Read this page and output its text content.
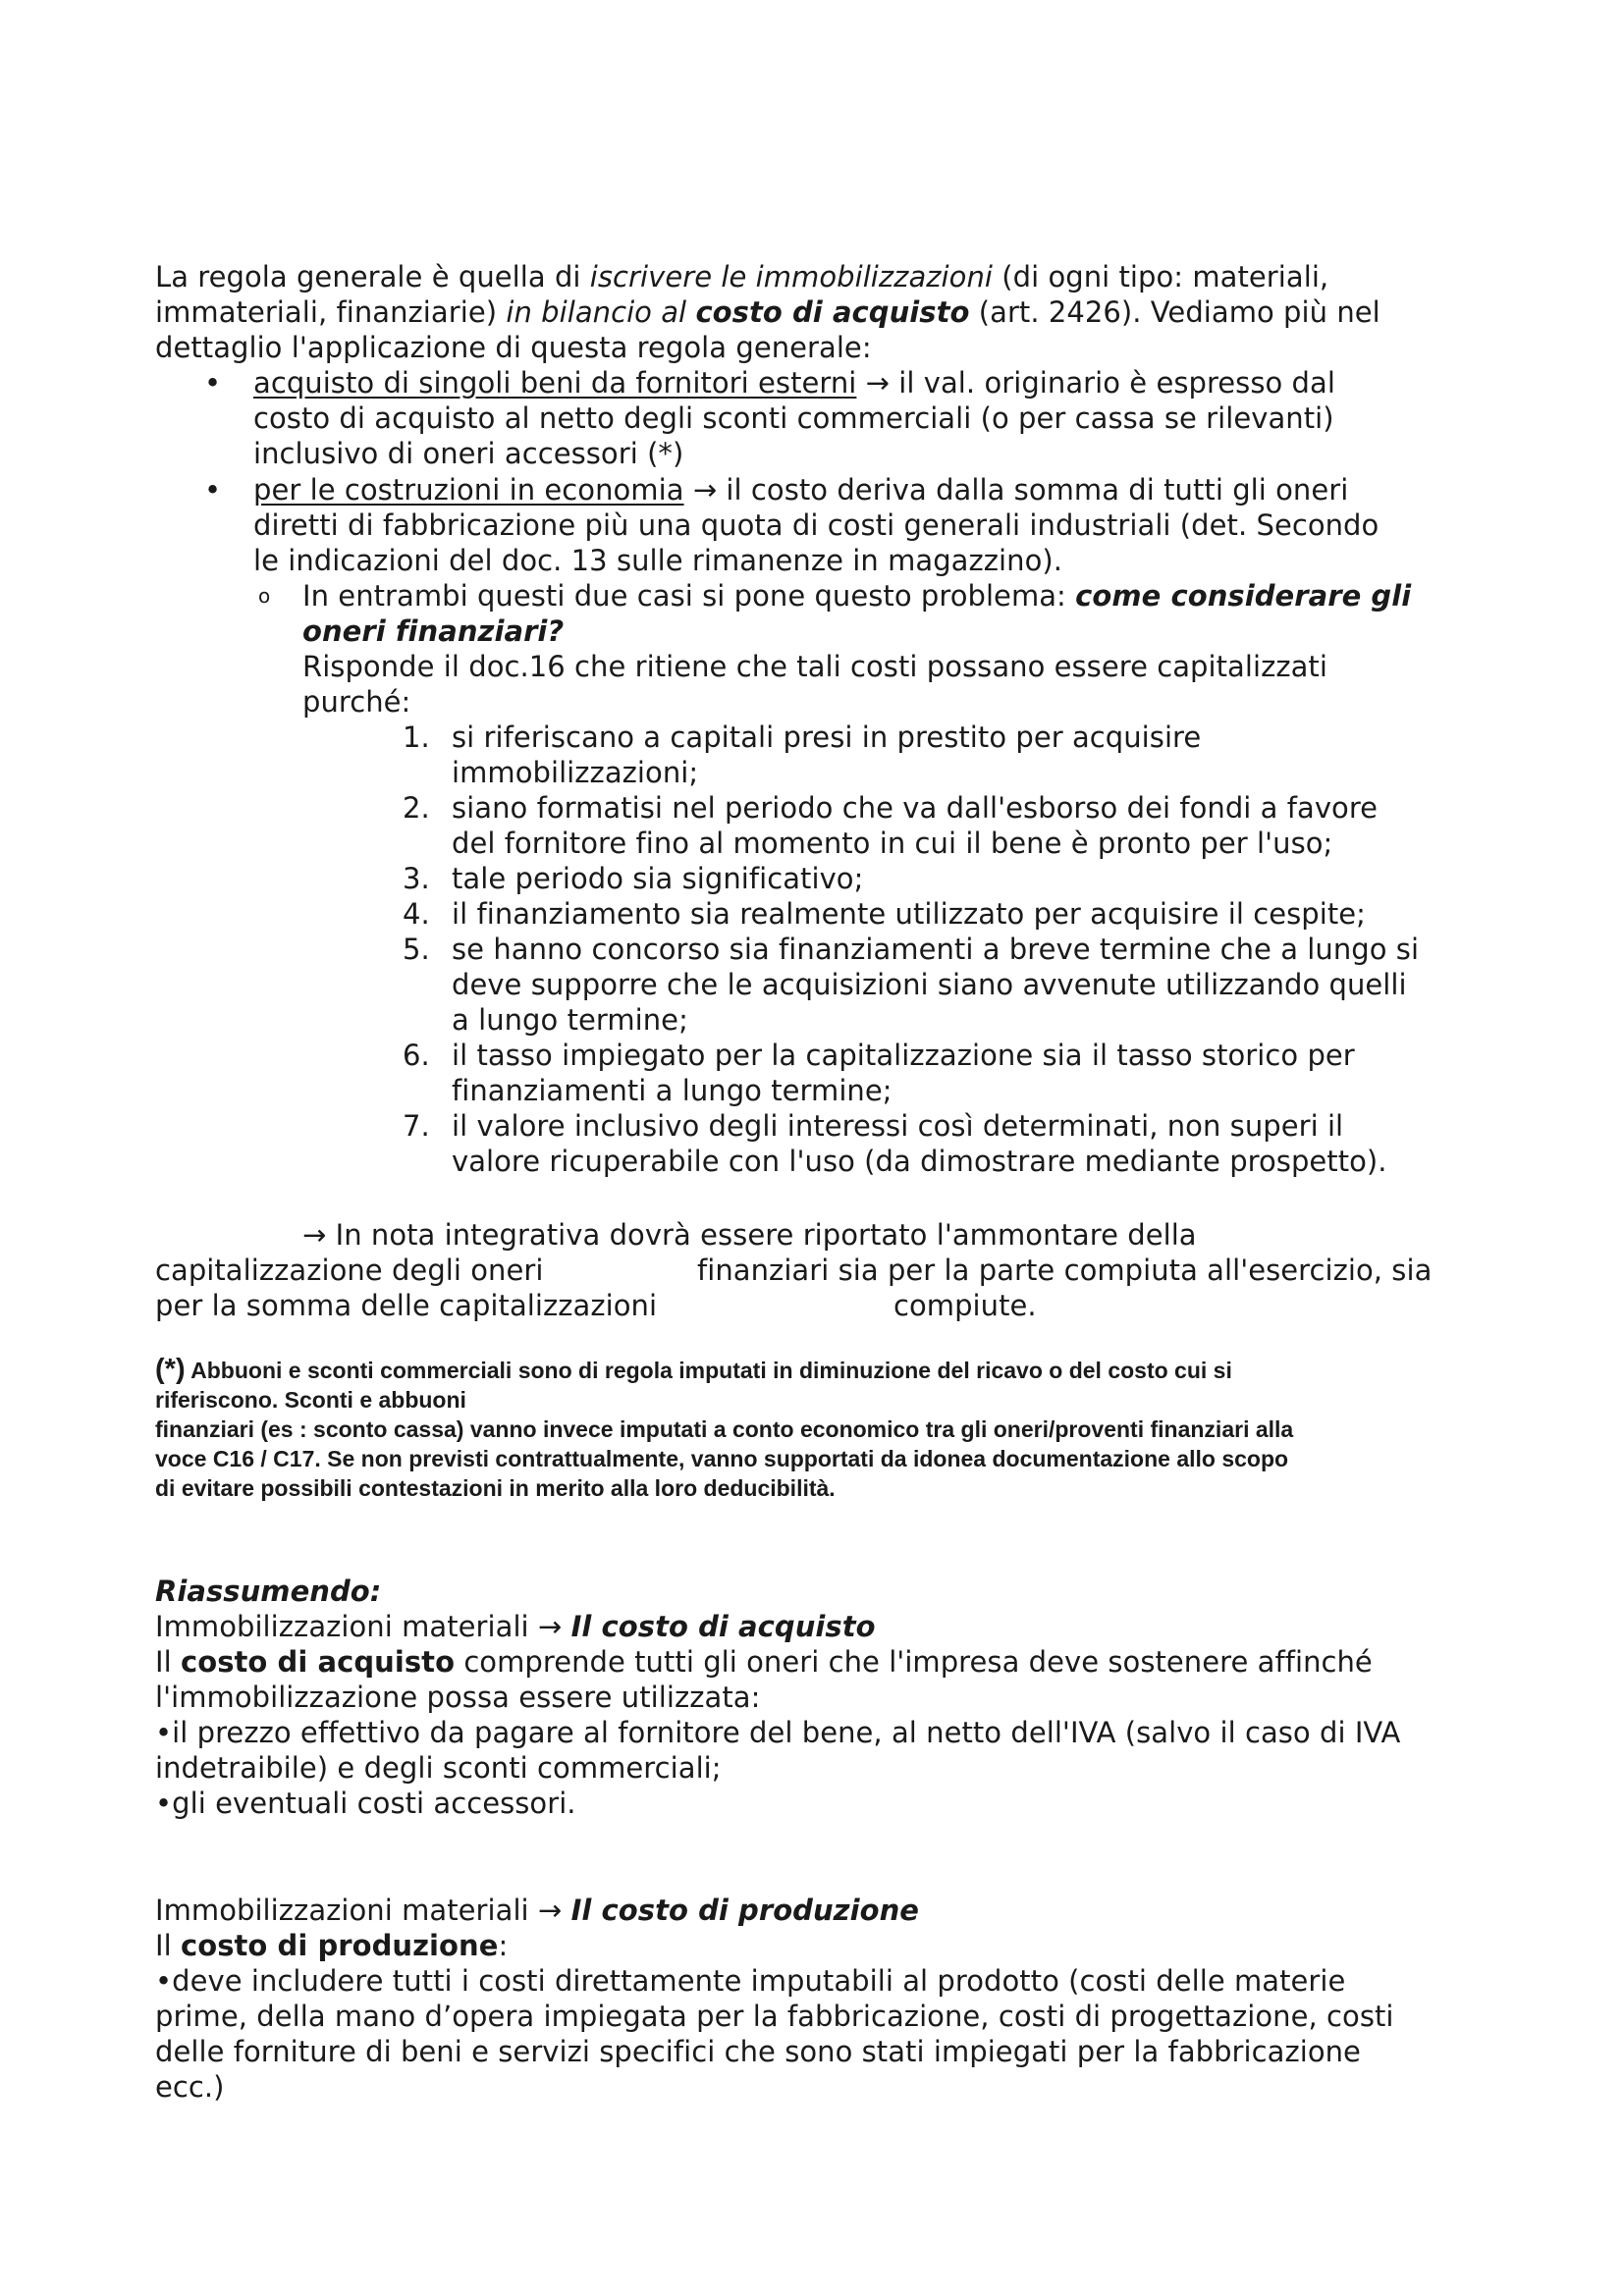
La regola generale è quella di iscrivere le immobilizzazioni (di ogni tipo: materiali,
immateriali, finanziarie) in bilancio al costo di acquisto (art. 2426). Vediamo più nel
dettaglio l'applicazione di questa regola generale:
• acquisto di singoli beni da fornitori esterni → il val. originario è espresso dal
costo di acquisto al netto degli sconti commerciali (o per cassa se rilevanti)
inclusivo di oneri accessori (*)
• per le costruzioni in economia → il costo deriva dalla somma di tutti gli oneri
diretti di fabbricazione più una quota di costi generali industriali (det. Secondo
le indicazioni del doc. 13 sulle rimanenze in magazzino).
o In entrambi questi due casi si pone questo problema: come considerare gli
oneri finanziari?
Risponde il doc.16 che ritiene che tali costi possano essere capitalizzati
purché:
1. si riferiscano a capitali presi in prestito per acquisire
immobilizzazioni;
2. siano formatisi nel periodo che va dall'esborso dei fondi a favore
del fornitore fino al momento in cui il bene è pronto per l'uso;
3. tale periodo sia significativo;
4. il finanziamento sia realmente utilizzato per acquisire il cespite;
5. se hanno concorso sia finanziamenti a breve termine che a lungo si
deve supporre che le acquisizioni siano avvenute utilizzando quelli
a lungo termine;
6. il tasso impiegato per la capitalizzazione sia il tasso storico per
finanziamenti a lungo termine;
7. il valore inclusivo degli interessi così determinati, non superi il
valore ricuperabile con l'uso (da dimostrare mediante prospetto).
→ In nota integrativa dovrà essere riportato l'ammontare della
capitalizzazione degli oneri	finanziari sia per la parte compiuta all'esercizio, sia
per la somma delle capitalizzazioni	compiute.
(*) Abbuoni e sconti commerciali sono di regola imputati in diminuzione del ricavo o del costo cui si
riferiscono. Sconti e abbuoni
finanziari (es : sconto cassa) vanno invece imputati a conto economico tra gli oneri/proventi finanziari alla
voce C16 / C17. Se non previsti contrattualmente, vanno supportati da idonea documentazione allo scopo
di evitare possibili contestazioni in merito alla loro deducibilità.
Riassumendo:
Immobilizzazioni materiali → Il costo di acquisto
Il costo di acquisto comprende tutti gli oneri che l'impresa deve sostenere affinché
l'immobilizzazione possa essere utilizzata:
•il prezzo effettivo da pagare al fornitore del bene, al netto dell'IVA (salvo il caso di IVA
indetraibile) e degli sconti commerciali;
•gli eventuali costi accessori.
Immobilizzazioni materiali → Il costo di produzione
Il costo di produzione:
•deve includere tutti i costi direttamente imputabili al prodotto (costi delle materie
prime, della mano d’opera impiegata per la fabbricazione, costi di progettazione, costi
delle forniture di beni e servizi specifici che sono stati impiegati per la fabbricazione
ecc.)
